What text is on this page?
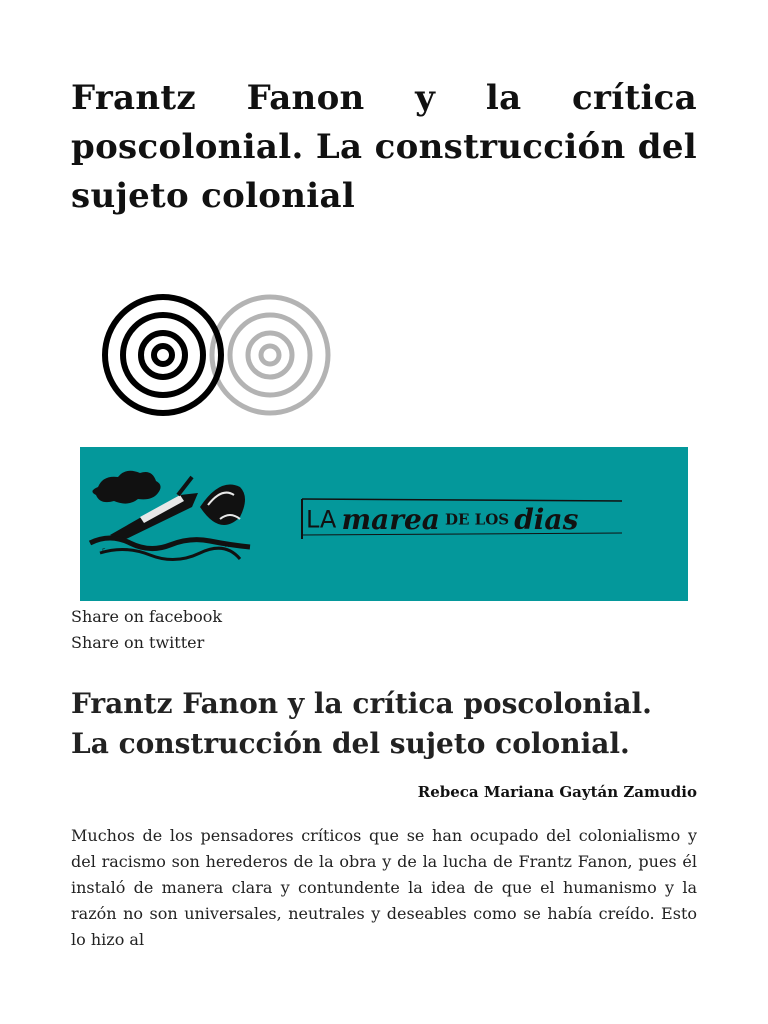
Frantz Fanon y la crítica poscolonial. La construcción del sujeto colonial
F
R
LA marea DE LOS dias
Share on facebook
Share on twitter
Frantz Fanon y la crítica poscolonial. La construcción del sujeto colonial.
Rebeca Mariana Gaytán Zamudio

Muchos de los pensadores críticos que se han ocupado del colonialismo y del racismo son herederos de la obra y de la lucha de Frantz Fanon, pues él instaló de manera clara y contundente la idea de que el humanismo y la razón no son universales, neutrales y deseables como se había creído. Esto lo hizo al
